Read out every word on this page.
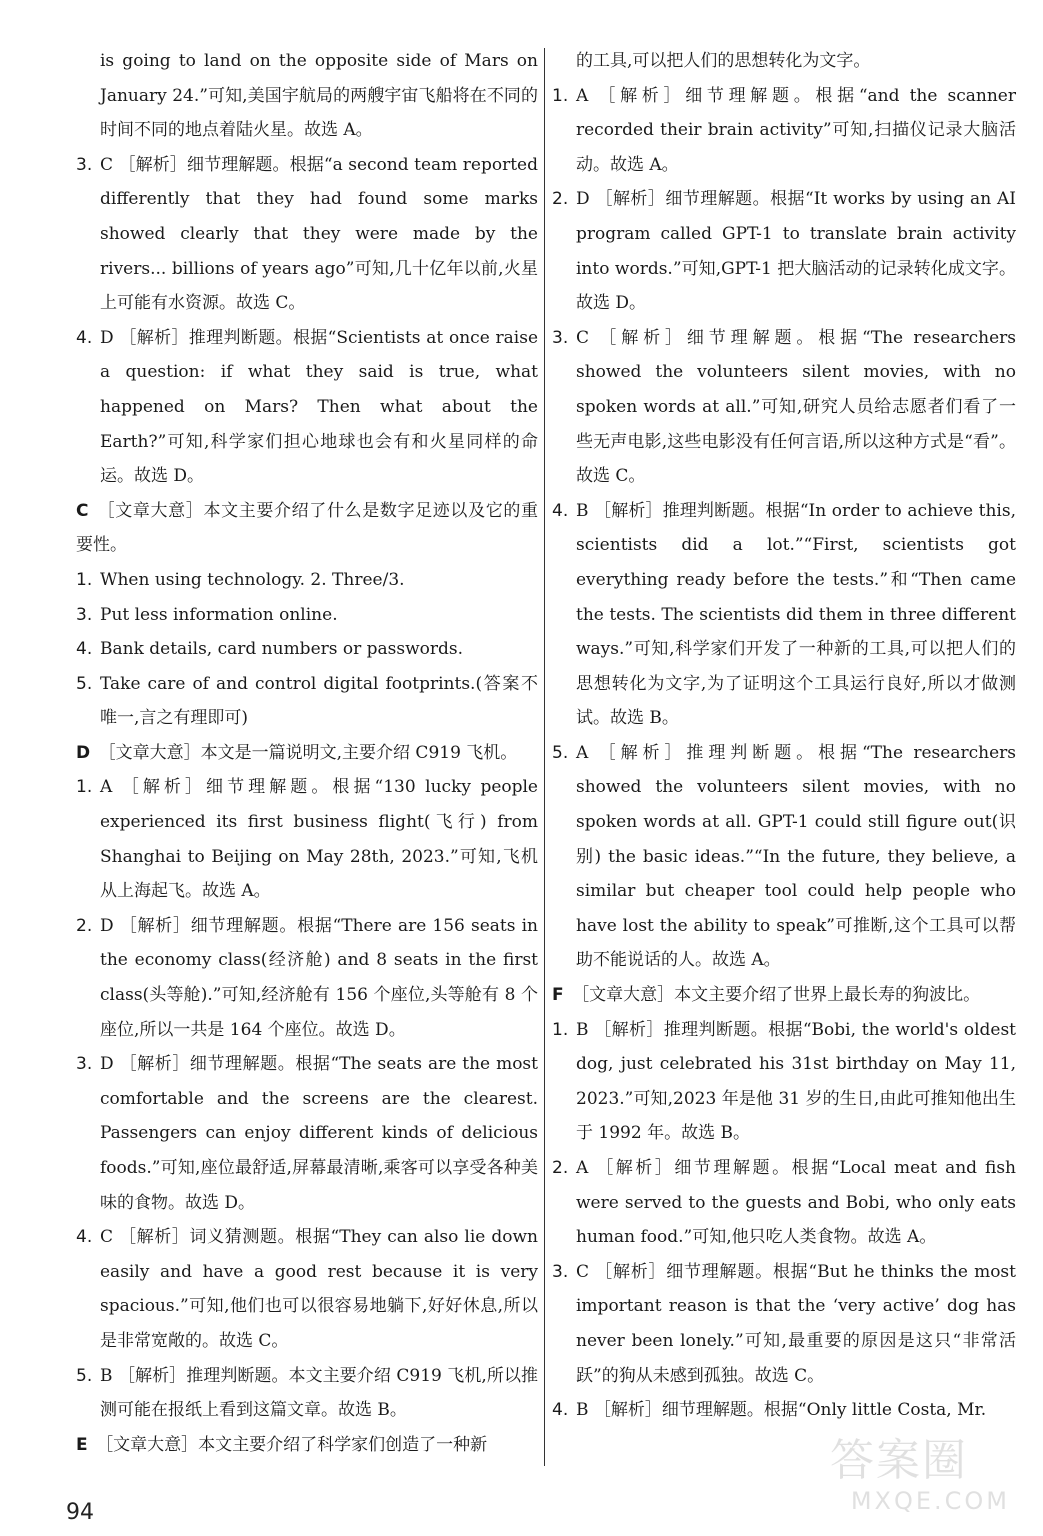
is going to land on the opposite side of Mars on January 24.”可知,美国宇航局的两艘宇宙飞船将在不同的时间不同的地点着陆火星。故选 A。

3. C ［解析］细节理解题。根据“a second team reported differently that they had found some marks showed clearly that they were made by the rivers... billions of years ago”可知,几十亿年以前,火星上可能有水资源。故选 C。
4. D ［解析］推理判断题。根据“Scientists at once raise a question: if what they said is true, what happened on Mars? Then what about the Earth?”可知,科学家们担心地球也会有和火星同样的命运。故选 D。

C  ［文章大意］本文主要介绍了什么是数字足迹以及它的重要性。

1. When using technology. 2. Three/3.
3. Put less information online.
4. Bank details, card numbers or passwords.
5. Take care of and control digital footprints.(答案不唯一,言之有理即可)

D  ［文章大意］本文是一篇说明文,主要介绍 C919 飞机。

1. A ［解析］细节理解题。根据“130 lucky people experienced its first business flight(飞行) from Shanghai to Beijing on May 28th, 2023.”可知,飞机从上海起飞。故选 A。
2. D ［解析］细节理解题。根据“There are 156 seats in the economy class(经济舱) and 8 seats in the first class(头等舱).”可知,经济舱有 156 个座位,头等舱有 8 个座位,所以一共是 164 个座位。故选 D。
3. D ［解析］细节理解题。根据“The seats are the most comfortable and the screens are the clearest. Passengers can enjoy different kinds of delicious foods.”可知,座位最舒适,屏幕最清晰,乘客可以享受各种美味的食物。故选 D。
4. C ［解析］词义猜测题。根据“They can also lie down easily and have a good rest because it is very spacious.”可知,他们也可以很容易地躺下,好好休息,所以是非常宽敞的。故选 C。
5. B ［解析］推理判断题。本文主要介绍 C919 飞机,所以推测可能在报纸上看到这篇文章。故选 B。

E  ［文章大意］本文主要介绍了科学家们创造了一种新

的工具,可以把人们的思想转化为文字。

1. A ［解析］细节理解题。根据“and the scanner recorded their brain activity”可知,扫描仪记录大脑活动。故选 A。
2. D ［解析］细节理解题。根据“It works by using an AI program called GPT-1 to translate brain activity into words.”可知,GPT-1 把大脑活动的记录转化成文字。故选 D。
3. C ［解析］细节理解题。根据“The researchers showed the volunteers silent movies, with no spoken words at all.”可知,研究人员给志愿者们看了一些无声电影,这些电影没有任何言语,所以这种方式是“看”。故选 C。
4. B ［解析］推理判断题。根据“In order to achieve this, scientists did a lot.”“First, scientists got everything ready before the tests.”和“Then came the tests. The scientists did them in three different ways.”可知,科学家们开发了一种新的工具,可以把人们的思想转化为文字,为了证明这个工具运行良好,所以才做测试。故选 B。
5. A ［解析］推理判断题。根据“The researchers showed the volunteers silent movies, with no spoken words at all. GPT-1 could still figure out(识别) the basic ideas.”“In the future, they believe, a similar but cheaper tool could help people who have lost the ability to speak”可推断,这个工具可以帮助不能说话的人。故选 A。

F  ［文章大意］本文主要介绍了世界上最长寿的狗波比。

1. B ［解析］推理判断题。根据“Bobi, the world's oldest dog, just celebrated his 31st birthday on May 11, 2023.”可知,2023 年是他 31 岁的生日,由此可推知他出生于 1992 年。故选 B。
2. A ［解析］细节理解题。根据“Local meat and fish were served to the guests and Bobi, who only eats human food.”可知,他只吃人类食物。故选 A。
3. C ［解析］细节理解题。根据“But he thinks the most important reason is that the ‘very active’ dog has never been lonely.”可知,最重要的原因是这只“非常活跃”的狗从未感到孤独。故选 C。
4. B ［解析］细节理解题。根据“Only little Costa, Mr.
94
答案圈
MXQE.COM
